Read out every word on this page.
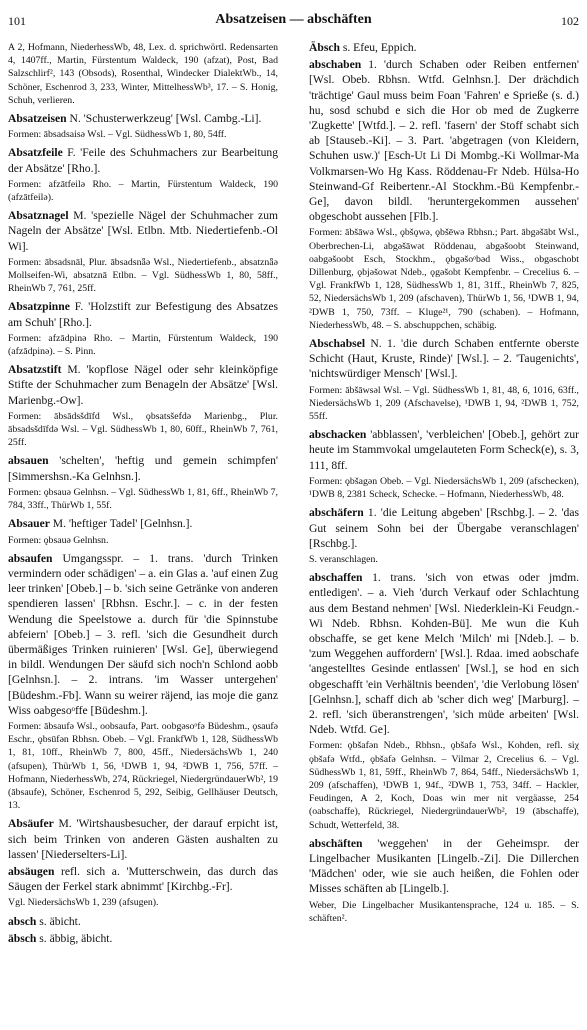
101	Absatzeisen — abschäften	102

A 2, Hofmann, NiederhessWb, 48, Lex. d. sprichwörtl. Redensarten 4, 1407ff., Martin, Fürstentum Waldeck, 190 (afzat), Post, Bad Salzschlirf², 143 (Obsods), Rosenthal, Windecker DialektWb., 14, Schöner, Eschenrod 3, 233, Winter, MittelhessWb³, 17. – S. Honig, Schuh, verlieren.

Absatzeisen N. 'Schusterwerkzeug' [Wsl. Cambg.-Li].

Formen: ābsadsaisə Wsl. – Vgl. SüdhessWb 1, 80, 54ff.

Absatzfeile F. 'Feile des Schuhmachers zur Bearbeitung der Absätze' [Rho.].

Formen: afzātfeilə Rho. – Martin, Fürstentum Waldeck, 190 (afzātfeilə).

Absatznagel M. 'spezielle Nägel der Schuhmacher zum Nageln der Absätze' [Wsl. Etlbn. Mtb. Niedertiefenb.-Ol Wi].

Formen: ābsadsnāl, Plur. ābsadsnǟə Wsl., Niedertiefenb., absatznǟə Mollseifen-Wi, absatznā Etlbn. – Vgl. SüdhessWb 1, 80, 58ff., RheinWb 7, 761, 25ff.

Absatzpinne F. 'Holzstift zur Befestigung des Absatzes am Schuh' [Rho.].

Formen: afzādpinə Rho. – Martin, Fürstentum Waldeck, 190 (afzādpinə). – S. Pinn.

Absatzstift M. 'kopflose Nägel oder sehr kleinköpfige Stifte der Schuhmacher zum Benageln der Absätze' [Wsl. Marienbg.-Ow].

Formen: ābsādsšdīfd Wsl., ǫbsatsšefdə Marienbg., Plur. ābsadsšdīfdə Wsl. – Vgl. SüdhessWb 1, 80, 60ff., RheinWb 7, 761, 25ff.

absauen 'schelten', 'heftig und gemein schimpfen' [Simmershsn.-Ka Gelnhsn.].

Formen: ǫbsauə Gelnhsn. – Vgl. SüdhessWb 1, 81, 6ff., RheinWb 7, 784, 33ff., ThürWb 1, 55f.

Absauer M. 'heftiger Tadel' [Gelnhsn.].

Formen: ǫbsauə Gelnhsn.

absaufen Umgangsspr. – 1. trans. 'durch Trinken vermindern oder schädigen' – a. ein Glas a. 'auf einen Zug leer trinken' [Obeb.] – b. 'sich seine Getränke von anderen spendieren lassen' [Rbhsn. Eschr.]. – c. in der festen Wendung die Speelstowe a. durch für 'die Spinnstube abfeiern' [Obeb.] – 3. refl. 'sich die Gesundheit durch übermäßiges Trinken ruinieren' [Wsl. Ge], überwiegend in bildl. Wendungen Der säufd sich noch'n Schlond aobb [Gelnhsn.]. – 2. intrans. 'im Wasser untergehen' [Büdeshm.-Fb]. Wann su weirer räjend, ias moje die ganz Wiss oabgesoᵒffe [Büdeshm.].

Formen: ābsaufə Wsl., oobsaufə, Part. oobgəsoᵒfə Büdeshm., ǫsaufə Eschr., ǫbsūfən Rbhsn. Obeb. – Vgl. FrankfWb 1, 128, SüdhessWb 1, 81, 10ff., RheinWb 7, 800, 45ff., NiedersächsWb 1, 240 (afsupen), ThürWb 1, 56, ¹DWB 1, 94, ²DWB 1, 756, 57ff. – Hofmann, NiederhessWb, 274, Rückriegel, NiedergründauerWb², 19 (ābsaufe), Schöner, Eschenrod 5, 292, Seibig, Gellhäuser Deutsch, 13.

Absäufer M. 'Wirtshausbesucher, der darauf erpicht ist, sich beim Trinken von anderen Gästen aushalten zu lassen' [Niederselters-Li].

absäugen refl. sich a. 'Mutterschwein, das durch das Säugen der Ferkel stark abnimmt' [Kirchbg.-Fr].

Vgl. NiedersächsWb 1, 239 (afsugen).

absch s. äbicht.

äbsch s. äbbig, äbicht.

Äbsch s. Efeu, Eppich.

abschaben 1. 'durch Schaben oder Reiben entfernen' [Wsl. Obeb. Rbhsn. Wtfd. Gelnhsn.]. Der drächdich 'trächtige' Gaul muss beim Foan 'Fahren' e Sprieße (s. d.) hu, sosd schubd e sich die Hor ob med de Zugkerre 'Zugkette' [Wtfd.]. – 2. refl. 'fasern' der Stoff schabt sich ab [Stauseb.-Ki]. – 3. Part. 'abgetragen (von Kleidern, Schuhen usw.)' [Esch-Ut Li Di Mombg.-Ki Wollmar-Ma Volkmarsen-Wo Hg Kass. Röddenau-Fr Ndeb. Hülsa-Ho Steinwand-Gf Reibertenr.-Al Stockhm.-Bü Kempfenbr.-Ge], davon bildl. 'heruntergekommen aussehen' obgeschobt aussehen [Flb.].

Formen: ābšāwə Wsl., ǫbšǫwə, ǫbšēwə Rbhsn.; Part. ābgəšābt Wsl., Oberbrechen-Li, abgəšāwət Röddenau, abgəšoobt Steinwand, oabgəšoobt Esch, Stockhm., ǫbgəšoᵒbəd Wiss., obgəschobt Dillenburg, ǫbjəšowət Ndeb., ǫgəšobt Kempfenbr. – Crecelius 6. – Vgl. FrankfWb 1, 128, SüdhessWb 1, 81, 31ff., RheinWb 7, 825, 52, NiedersächsWb 1, 209 (afschaven), ThürWb 1, 56, ¹DWB 1, 94, ²DWB 1, 750, 73ff. – Kluge²¹, 790 (schaben). – Hofmann, NiederhessWb, 48. – S. abschuppchen, schäbig.

Abschabsel N. 1. 'die durch Schaben entfernte oberste Schicht (Haut, Kruste, Rinde)' [Wsl.]. – 2. 'Taugenichts', 'nichtswürdiger Mensch' [Wsl.].

Formen: ābšāwsəl Wsl. – Vgl. SüdhessWb 1, 81, 48, 6, 1016, 63ff., NiedersächsWb 1, 209 (Afschavelse), ¹DWB 1, 94, ²DWB 1, 752, 55ff.

abschacken 'abblassen', 'verbleichen' [Obeb.], gehört zur heute im Stammvokal umgelauteten Form Scheck(e), s. 3, 111, 8ff.

Formen: ǫbšagən Obeb. – Vgl. NiedersächsWb 1, 209 (afschecken), ¹DWB 8, 2381 Scheck, Schecke. – Hofmann, NiederhessWb, 48.

abschäfern 1. 'die Leitung abgeben' [Rschbg.]. – 2. 'das Gut seinem Sohn bei der Übergabe veranschlagen' [Rschbg.].

S. veranschlagen.

abschaffen 1. trans. 'sich von etwas oder jmdm. entledigen'. – a. Vieh 'durch Verkauf oder Schlachtung aus dem Bestand nehmen' [Wsl. Niederklein-Ki Feudgn.-Wi Ndeb. Rbhsn. Kohden-Bü]. Me wun die Kuh obschaffe, se get kene Melch 'Milch' mi [Ndeb.]. – b. 'zum Weggehen auffordern' [Wsl.]. Rdaa. imed aobschafe 'angestelltes Gesinde entlassen' [Wsl.], se hod en sich obgeschafft 'ein Verhältnis beenden', 'die Verlobung lösen' [Gelnhsn.], schaff dich ab 'scher dich weg' [Marburg]. – 2. refl. 'sich überanstrengen', 'sich müde arbeiten' [Wsl. Ndeb. Wtfd. Ge].

Formen: ǫbšafən Ndeb., Rbhsn., ǫbšafə Wsl., Kohden, refl. siχ ǫbšafə Wtfd., ǫbšafə Gelnhsn. – Vilmar 2, Crecelius 6. – Vgl. SüdhessWb 1, 81, 59ff., RheinWb 7, 864, 54ff., NiedersächsWb 1, 209 (afschaffen), ¹DWB 1, 94f., ²DWB 1, 753, 34ff. – Hackler, Feudingen, A 2, Koch, Doas win mer nit vergäasse, 254 (oabschaffe), Rückriegel, NiedergründauerWb², 19 (ābschaffe), Schudt, Wetterfeld, 38.

abschäften 'weggehen' in der Geheimspr. der Lingelbacher Musikanten [Lingelb.-Zi]. Die Dillerchen 'Mädchen' oder, wie sie auch heißen, die Fohlen oder Misses schäften ab [Lingelb.].

Weber, Die Lingelbacher Musikantensprache, 124 u. 185. – S. schäften².
